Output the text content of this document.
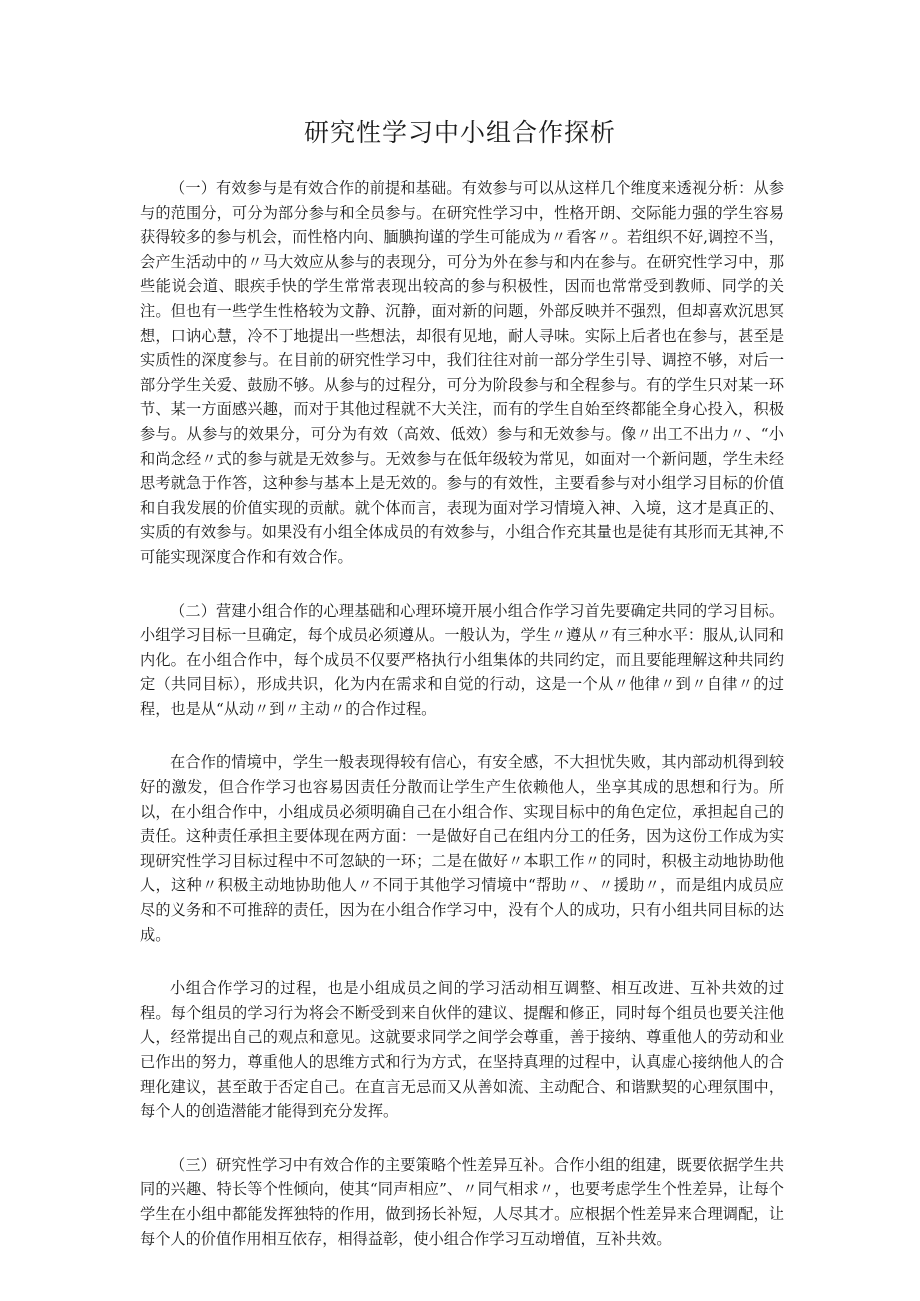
研究性学习中小组合作探析

（一）有效参与是有效合作的前提和基础。有效参与可以从这样几个维度来透视分析：从参与的范围分，可分为部分参与和全员参与。在研究性学习中，性格开朗、交际能力强的学生容易获得较多的参与机会，而性格内向、腼腆拘谨的学生可能成为〃看客〃。若组织不好,调控不当，会产生活动中的〃马大效应从参与的表现分，可分为外在参与和内在参与。在研究性学习中，那些能说会道、眼疾手快的学生常常表现出较高的参与积极性，因而也常常受到教师、同学的关注。但也有一些学生性格较为文静、沉静，面对新的问题，外部反映并不强烈，但却喜欢沉思冥想，口讷心慧，冷不丁地提出一些想法，却很有见地，耐人寻味。实际上后者也在参与，甚至是实质性的深度参与。在目前的研究性学习中，我们往往对前一部分学生引导、调控不够，对后一部分学生关爱、鼓励不够。从参与的过程分，可分为阶段参与和全程参与。有的学生只对某一环节、某一方面感兴趣，而对于其他过程就不大关注，而有的学生自始至终都能全身心投入，积极参与。从参与的效果分，可分为有效（高效、低效）参与和无效参与。像〃出工不出力〃、“小和尚念经〃式的参与就是无效参与。无效参与在低年级较为常见，如面对一个新问题，学生未经思考就急于作答，这种参与基本上是无效的。参与的有效性，主要看参与对小组学习目标的价值和自我发展的价值实现的贡献。就个体而言，表现为面对学习情境入神、入境，这才是真正的、实质的有效参与。如果没有小组全体成员的有效参与，小组合作充其量也是徒有其形而无其神,不可能实现深度合作和有效合作。

（二）营建小组合作的心理基础和心理环境开展小组合作学习首先要确定共同的学习目标。小组学习目标一旦确定，每个成员必须遵从。一般认为，学生〃遵从〃有三种水平：服从,认同和内化。在小组合作中，每个成员不仅要严格执行小组集体的共同约定，而且要能理解这种共同约定（共同目标），形成共识，化为内在需求和自觉的行动，这是一个从〃他律〃到〃自律〃的过程，也是从“从动〃到〃主动〃的合作过程。

在合作的情境中，学生一般表现得较有信心，有安全感，不大担忧失败，其内部动机得到较好的激发，但合作学习也容易因责任分散而让学生产生依赖他人，坐享其成的思想和行为。所以，在小组合作中，小组成员必须明确自己在小组合作、实现目标中的角色定位，承担起自己的责任。这种责任承担主要体现在两方面：一是做好自己在组内分工的任务，因为这份工作成为实现研究性学习目标过程中不可忽缺的一环；二是在做好〃本职工作〃的同时，积极主动地协助他人，这种〃积极主动地协助他人〃不同于其他学习情境中“帮助〃、〃援助〃，而是组内成员应尽的义务和不可推辞的责任，因为在小组合作学习中，没有个人的成功，只有小组共同目标的达成。

小组合作学习的过程，也是小组成员之间的学习活动相互调整、相互改进、互补共效的过程。每个组员的学习行为将会不断受到来自伙伴的建议、提醒和修正，同时每个组员也要关注他人，经常提出自己的观点和意见。这就要求同学之间学会尊重，善于接纳、尊重他人的劳动和业已作出的努力，尊重他人的思维方式和行为方式，在坚持真理的过程中，认真虚心接纳他人的合理化建议，甚至敢于否定自己。在直言无忌而又从善如流、主动配合、和谐默契的心理氛围中，每个人的创造潜能才能得到充分发挥。

（三）研究性学习中有效合作的主要策略个性差异互补。合作小组的组建，既要依据学生共同的兴趣、特长等个性倾向，使其“同声相应”、〃同气相求〃，也要考虑学生个性差异，让每个学生在小组中都能发挥独特的作用，做到扬长补短，人尽其才。应根据个性差异来合理调配，让每个人的价值作用相互依存，相得益彰，使小组合作学习互动增值，互补共效。
